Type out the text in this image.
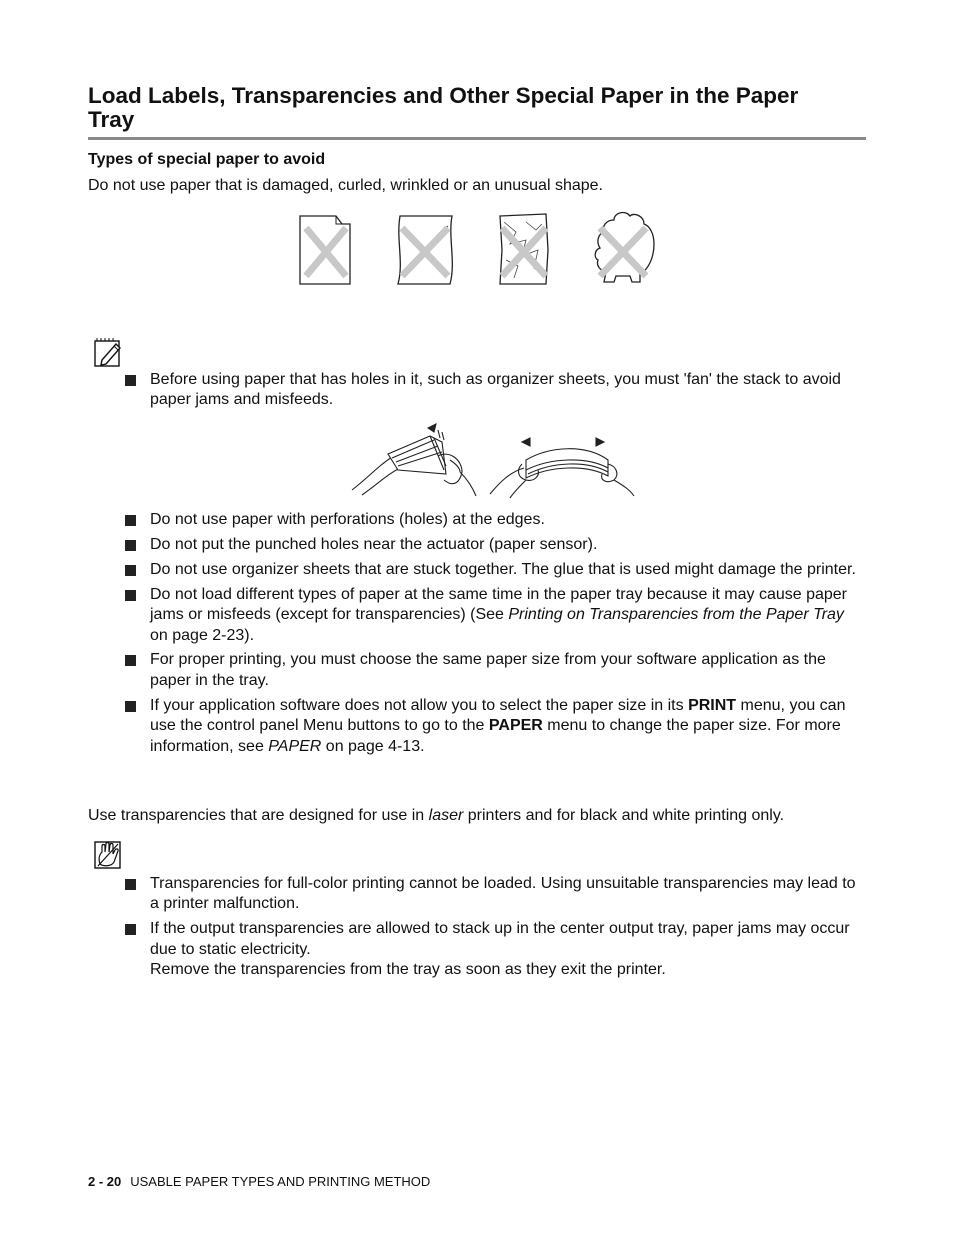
Load Labels, Transparencies and Other Special Paper in the Paper Tray
Types of special paper to avoid

Do not use paper that is damaged, curled, wrinkled or an unusual shape.

Before using paper that has holes in it, such as organizer sheets, you must 'fan' the stack to avoid paper jams and misfeeds.
Do not use paper with perforations (holes) at the edges.
Do not put the punched holes near the actuator (paper sensor).
Do not use organizer sheets that are stuck together. The glue that is used might damage the printer.
Do not load different types of paper at the same time in the paper tray because it may cause paper jams or misfeeds (except for transparencies) (See Printing on Transparencies from the Paper Tray on page 2-23).
For proper printing, you must choose the same paper size from your software application as the paper in the tray.
If your application software does not allow you to select the paper size in its PRINT menu, you can use the control panel Menu buttons to go to the PAPER menu to change the paper size. For more information, see PAPER on page 4-13.

Use transparencies that are designed for use in laser printers and for black and white printing only.

Transparencies for full-color printing cannot be loaded. Using unsuitable transparencies may lead to a printer malfunction.
If the output transparencies are allowed to stack up in the center output tray, paper jams may occur due to static electricity.
Remove the transparencies from the tray as soon as they exit the printer.
2 - 20 USABLE PAPER TYPES AND PRINTING METHOD
